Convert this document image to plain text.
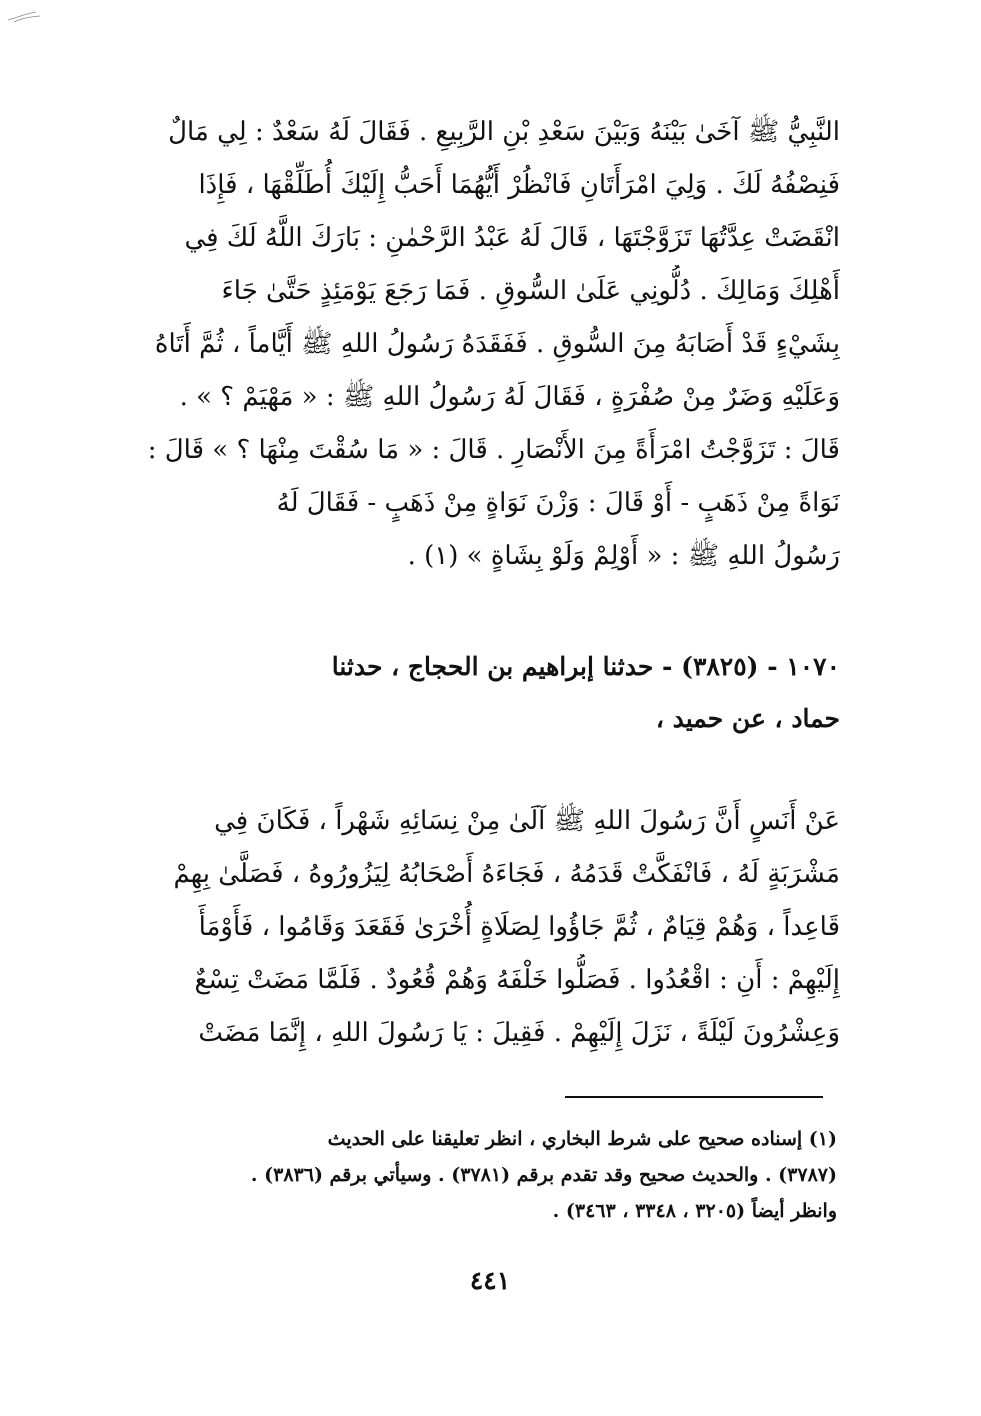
النَّبِيُّ ﷺ آخَىٰ بَيْنَهُ وَبَيْنَ سَعْدِ بْنِ الرَّبِيعِ . فَقَالَ لَهُ سَعْدٌ : لِي مَالٌ
فَنِصْفُهُ لَكَ . وَلِيَ امْرَأَتَانِ فَانْظُرْ أَيُّهُمَا أَحَبُّ إِلَيْكَ أُطَلِّقْهَا ، فَإِذَا
انْقَضَتْ عِدَّتُهَا تَزَوَّجْتَهَا ، قَالَ لَهُ عَبْدُ الرَّحْمٰنِ : بَارَكَ اللَّهُ لَكَ فِي
أَهْلِكَ وَمَالِكَ . دُلُّونِي عَلَىٰ السُّوقِ . فَمَا رَجَعَ يَوْمَئِذٍ حَتَّىٰ جَاءَ
بِشَيْءٍ قَدْ أَصَابَهُ مِنَ السُّوقِ . فَفَقَدَهُ رَسُولُ اللهِ ﷺ أَيَّاماً ، ثُمَّ أَتَاهُ
وَعَلَيْهِ وَضَرٌ مِنْ صُفْرَةٍ ، فَقَالَ لَهُ رَسُولُ اللهِ ﷺ : « مَهْيَمْ ؟ » .
قَالَ : تَزَوَّجْتُ امْرَأَةً مِنَ الأَنْصَارِ . قَالَ : « مَا سُقْتَ مِنْهَا ؟ » قَالَ :
نَوَاةً مِنْ ذَهَبٍ - أَوْ قَالَ : وَزْنَ نَوَاةٍ مِنْ ذَهَبٍ - فَقَالَ لَهُ
رَسُولُ اللهِ ﷺ : « أَوْلِمْ وَلَوْ بِشَاةٍ » (١) .
١٠٧٠ - (٣٨٢٥) - حدثنا إبراهيم بن الحجاج ، حدثنا
حماد ، عن حميد ،
عَنْ أَنَسٍ أَنَّ رَسُولَ اللهِ ﷺ آلَىٰ مِنْ نِسَائِهِ شَهْراً ، فَكَانَ فِي
مَشْرَبَةٍ لَهُ ، فَانْفَكَّتْ قَدَمُهُ ، فَجَاءَهُ أَصْحَابُهُ لِيَزُورُوهُ ، فَصَلَّىٰ بِهِمْ
قَاعِداً ، وَهُمْ قِيَامٌ ، ثُمَّ جَاؤُوا لِصَلَاةٍ أُخْرَىٰ فَقَعَدَ وَقَامُوا ، فَأَوْمَأَ
إِلَيْهِمْ : أَنِ : اقْعُدُوا . فَصَلُّوا خَلْفَهُ وَهُمْ قُعُودٌ . فَلَمَّا مَضَتْ تِسْعٌ
وَعِشْرُونَ لَيْلَةً ، نَزَلَ إِلَيْهِمْ . فَقِيلَ : يَا رَسُولَ اللهِ ، إِنَّمَا مَضَتْ
(١) إسناده صحيح على شرط البخاري ، انظر تعليقنا على الحديث
(٣٧٨٧) . والحديث صحيح وقد تقدم برقم (٣٧٨١) . وسيأتي برقم (٣٨٣٦) .
وانظر أيضاً (٣٢٠٥ ، ٣٣٤٨ ، ٣٤٦٣) .
٤٤١
